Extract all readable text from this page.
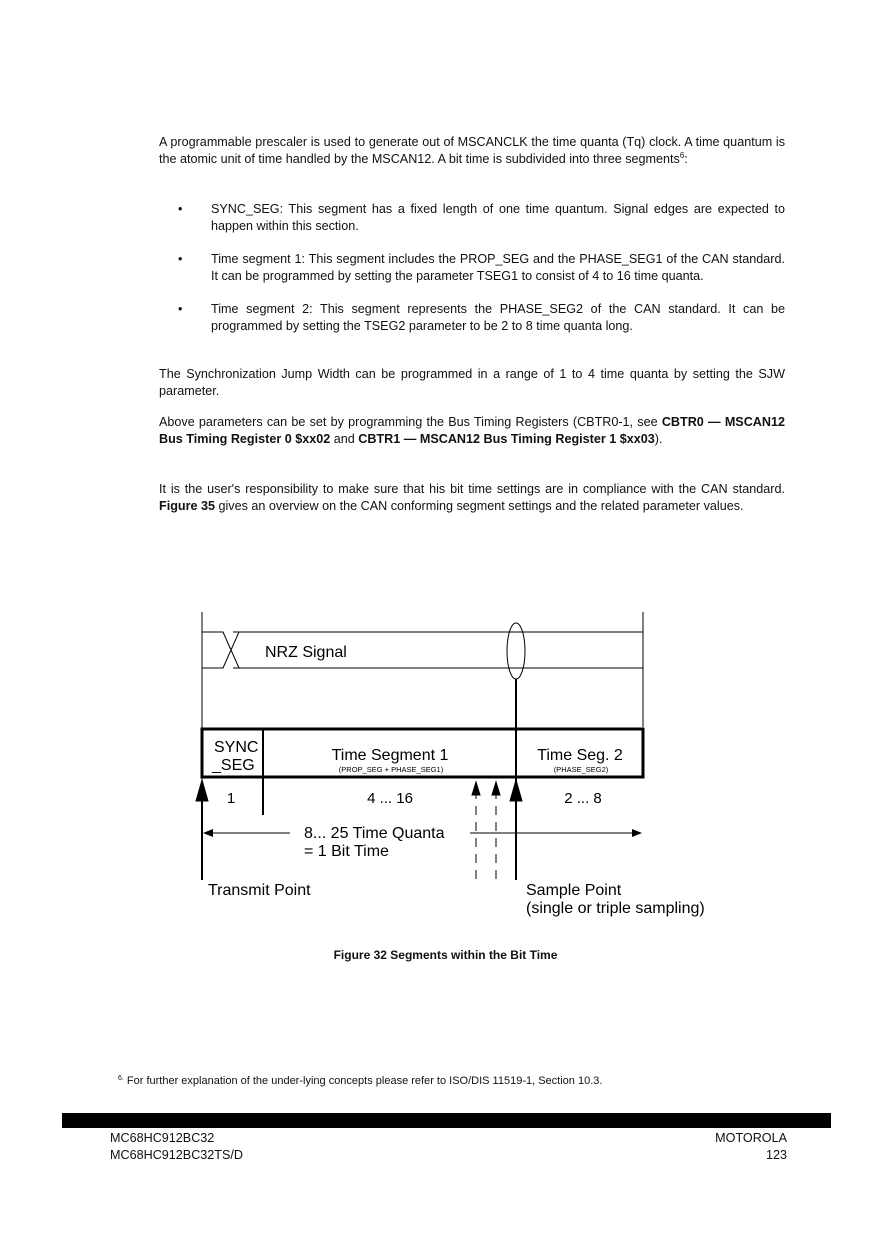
A programmable prescaler is used to generate out of MSCANCLK the time quanta (Tq) clock. A time quantum is the atomic unit of time handled by the MSCAN12. A bit time is subdivided into three segments$^6$:

• SYNC_SEG: This segment has a fixed length of one time quantum. Signal edges are expected to happen within this section.
• Time segment 1: This segment includes the PROP_SEG and the PHASE_SEG1 of the CAN standard. It can be programmed by setting the parameter TSEG1 to consist of 4 to 16 time quanta.
• Time segment 2: This segment represents the PHASE_SEG2 of the CAN standard. It can be programmed by setting the TSEG2 parameter to be 2 to 8 time quanta long.

The Synchronization Jump Width can be programmed in a range of 1 to 4 time quanta by setting the SJW parameter.

Above parameters can be set by programming the Bus Timing Registers (CBTR0-1, see CBTR0 — MSCAN12 Bus Timing Register 0 $xx02 and CBTR1 — MSCAN12 Bus Timing Register 1 $xx03).

It is the user's responsibility to make sure that his bit time settings are in compliance with the CAN standard. Figure 35 gives an overview on the CAN conforming segment settings and the related parameter values.

NRZ Signal
SYNC
_SEG
Time Segment 1
(PROP_SEG + PHASE_SEG1)
Time Seg. 2
(PHASE_SEG2)
1	4 ... 16	2 ... 8
8... 25 Time Quanta
= 1 Bit Time
Transmit Point	Sample Point
(single or triple sampling)
Figure 32 Segments within the Bit Time
$^{6.}$ For further explanation of the under-lying concepts please refer to ISO/DIS 11519-1, Section 10.3.
MC68HC912BC32
MC68HC912BC32TS/D
MOTOROLA
123
